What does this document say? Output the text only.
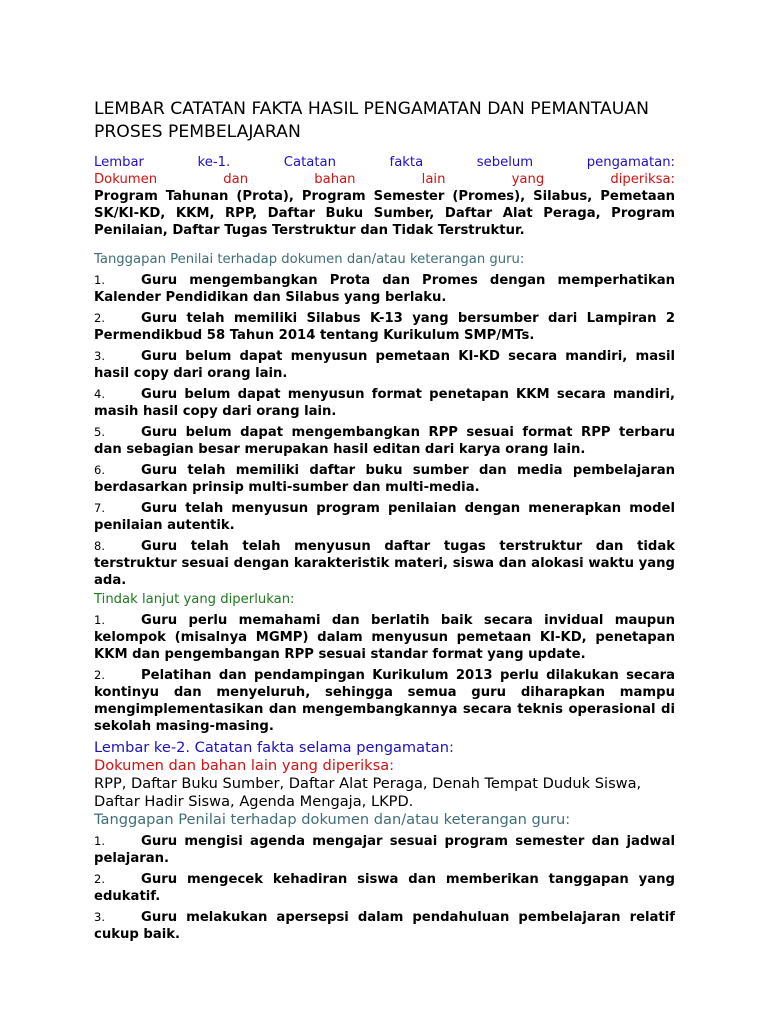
LEMBAR CATATAN FAKTA HASIL PENGAMATAN DAN PEMANTAUAN PROSES PEMBELAJARAN
Lembar ke-1. Catatan fakta sebelum pengamatan:
Dokumen dan bahan lain yang diperiksa:
Program Tahunan (Prota), Program Semester (Promes), Silabus, Pemetaan SK/KI-KD, KKM, RPP, Daftar Buku Sumber, Daftar Alat Peraga, Program Penilaian, Daftar Tugas Terstruktur dan Tidak Terstruktur.
Tanggapan Penilai terhadap dokumen dan/atau keterangan guru:
1.	Guru mengembangkan Prota dan Promes dengan memperhatikan Kalender Pendidikan dan Silabus yang berlaku.
2.	Guru telah memiliki Silabus K-13 yang bersumber dari Lampiran 2 Permendikbud 58 Tahun 2014 tentang Kurikulum SMP/MTs.
3.	Guru belum dapat menyusun pemetaan KI-KD secara mandiri, masil hasil copy dari orang lain.
4.	Guru belum dapat menyusun format penetapan KKM secara mandiri, masih hasil copy dari orang lain.
5.	Guru belum dapat mengembangkan RPP sesuai format RPP terbaru dan sebagian besar merupakan hasil editan dari karya orang lain.
6.	Guru telah memiliki daftar buku sumber dan media pembelajaran berdasarkan prinsip multi-sumber dan multi-media.
7.	Guru telah menyusun program penilaian dengan menerapkan model penilaian autentik.
8.	Guru telah telah menyusun daftar tugas terstruktur dan tidak terstruktur sesuai dengan karakteristik materi, siswa dan alokasi waktu yang ada.
Tindak lanjut yang diperlukan:
1.	Guru perlu memahami dan berlatih baik secara invidual maupun kelompok (misalnya MGMP) dalam menyusun pemetaan KI-KD, penetapan KKM dan pengembangan RPP sesuai standar format yang update.
2.	Pelatihan dan pendampingan Kurikulum 2013 perlu dilakukan secara kontinyu dan menyeluruh, sehingga semua guru diharapkan mampu mengimplementasikan dan mengembangkannya secara teknis operasional di sekolah masing-masing.
Lembar ke-2. Catatan fakta selama pengamatan:
Dokumen dan bahan lain yang diperiksa:
RPP, Daftar Buku Sumber, Daftar Alat Peraga, Denah Tempat Duduk Siswa, Daftar Hadir Siswa, Agenda Mengaja, LKPD.
Tanggapan Penilai terhadap dokumen dan/atau keterangan guru:
1.	Guru mengisi agenda mengajar sesuai program semester dan jadwal pelajaran.
2.	Guru mengecek kehadiran siswa dan memberikan tanggapan yang edukatif.
3.	Guru melakukan apersepsi dalam pendahuluan pembelajaran relatif cukup baik.
